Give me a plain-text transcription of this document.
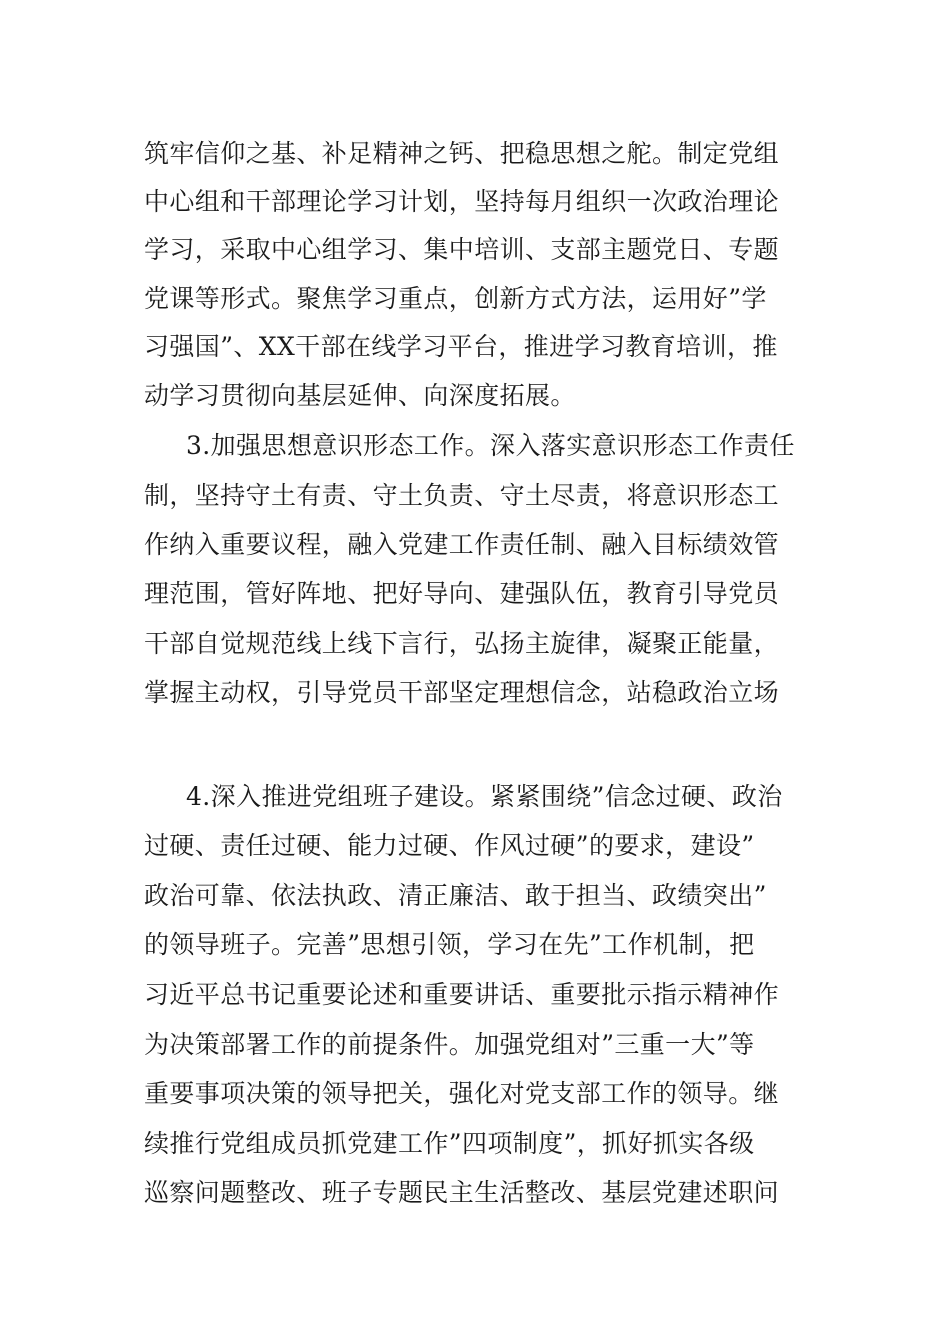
筑牢信仰之基、补足精神之钙、把稳思想之舵。制定党组
中心组和干部理论学习计划，坚持每月组织一次政治理论
学习，采取中心组学习、集中培训、支部主题党日、专题
党课等形式。聚焦学习重点，创新方式方法，运用好”学
习强国”、XX干部在线学习平台，推进学习教育培训，推
动学习贯彻向基层延伸、向深度拓展。
3.加强思想意识形态工作。深入落实意识形态工作责任
制，坚持守土有责、守土负责、守土尽责，将意识形态工
作纳入重要议程，融入党建工作责任制、融入目标绩效管
理范围，管好阵地、把好导向、建强队伍，教育引导党员
干部自觉规范线上线下言行，弘扬主旋律，凝聚正能量，
掌握主动权，引导党员干部坚定理想信念，站稳政治立场
4.深入推进党组班子建设。紧紧围绕”信念过硬、政治
过硬、责任过硬、能力过硬、作风过硬”的要求，建设”
政治可靠、依法执政、清正廉洁、敢于担当、政绩突出”
的领导班子。完善”思想引领，学习在先”工作机制，把
习近平总书记重要论述和重要讲话、重要批示指示精神作
为决策部署工作的前提条件。加强党组对”三重一大”等
重要事项决策的领导把关，强化对党支部工作的领导。继
续推行党组成员抓党建工作”四项制度”，抓好抓实各级
巡察问题整改、班子专题民主生活整改、基层党建述职问
